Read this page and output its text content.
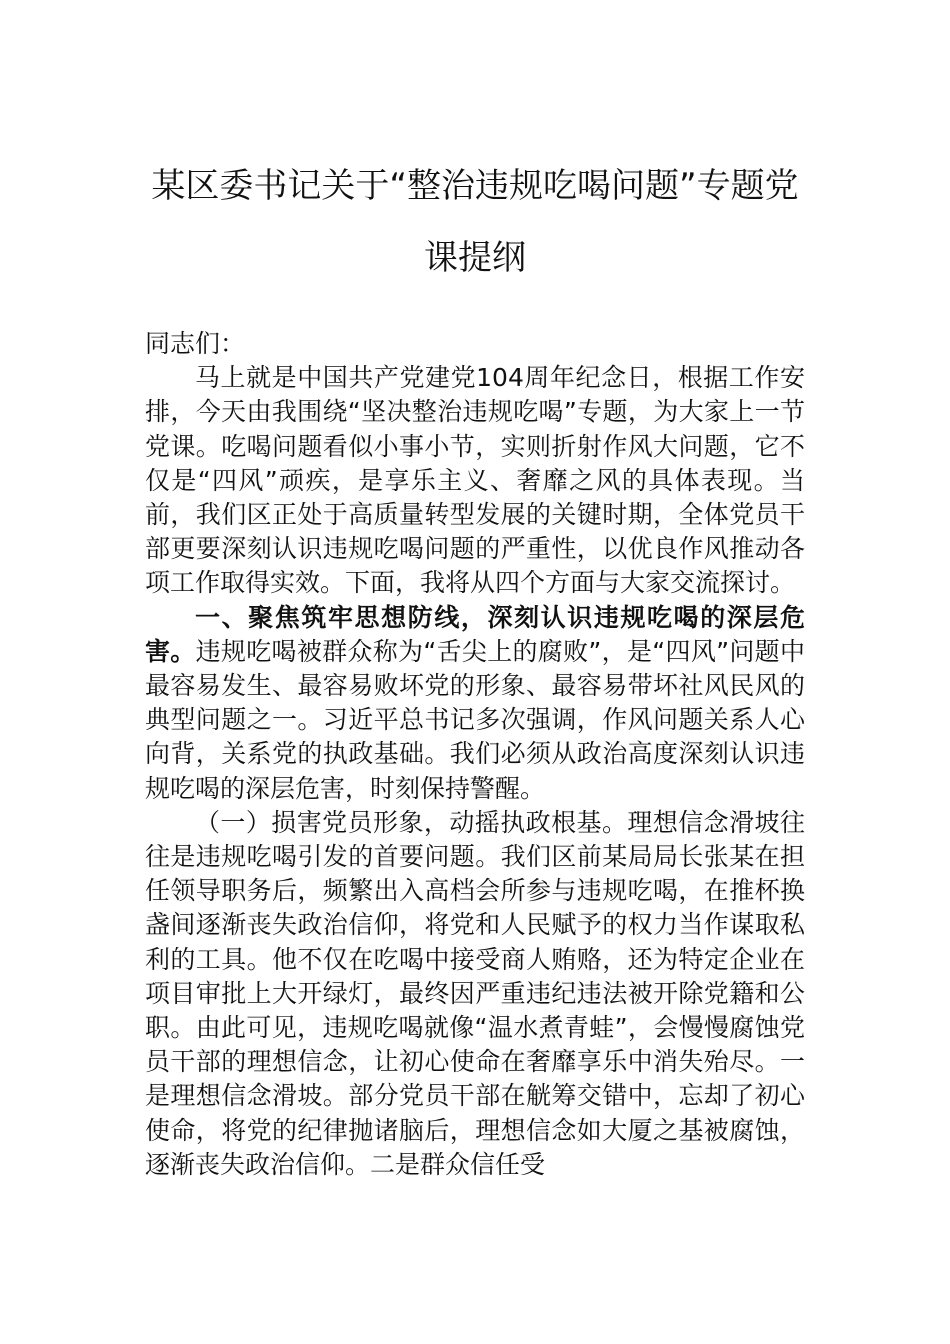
某区委书记关于“整治违规吃喝问题”专题党
课提纲

同志们：

马上就是中国共产党建党104周年纪念日，根据工作安排，今天由我围绕“坚决整治违规吃喝”专题，为大家上一节党课。吃喝问题看似小事小节，实则折射作风大问题，它不仅是“四风”顽疾，是享乐主义、奢靡之风的具体表现。当前，我们区正处于高质量转型发展的关键时期，全体党员干部更要深刻认识违规吃喝问题的严重性，以优良作风推动各项工作取得实效。下面，我将从四个方面与大家交流探讨。

一、聚焦筑牢思想防线，深刻认识违规吃喝的深层危害。违规吃喝被群众称为“舌尖上的腐败”，是“四风”问题中最容易发生、最容易败坏党的形象、最容易带坏社风民风的典型问题之一。习近平总书记多次强调，作风问题关系人心向背，关系党的执政基础。我们必须从政治高度深刻认识违规吃喝的深层危害，时刻保持警醒。

（一）损害党员形象，动摇执政根基。理想信念滑坡往往是违规吃喝引发的首要问题。我们区前某局局长张某在担任领导职务后，频繁出入高档会所参与违规吃喝，在推杯换盏间逐渐丧失政治信仰，将党和人民赋予的权力当作谋取私利的工具。他不仅在吃喝中接受商人贿赂，还为特定企业在项目审批上大开绿灯，最终因严重违纪违法被开除党籍和公职。由此可见，违规吃喝就像“温水煮青蛙”，会慢慢腐蚀党员干部的理想信念，让初心使命在奢靡享乐中消失殆尽。一是理想信念滑坡。部分党员干部在觥筹交错中，忘却了初心使命，将党的纪律抛诸脑后，理想信念如大厦之基被腐蚀，逐渐丧失政治信仰。二是群众信任受
